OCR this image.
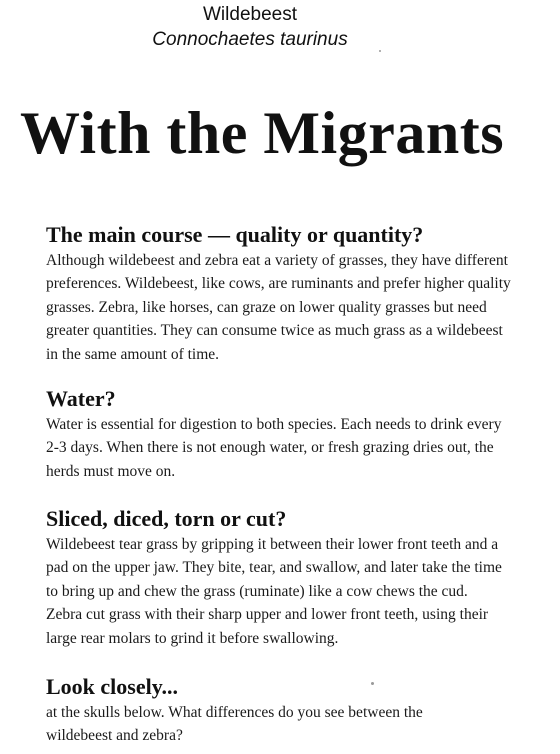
Wildebeest
Connochaetes taurinus
With the Migrants
The main course — quality or quantity?
Although wildebeest and zebra eat a variety of grasses, they have different
preferences. Wildebeest, like cows, are ruminants and prefer higher quality
grasses. Zebra, like horses, can graze on lower quality grasses but need
greater quantities. They can consume twice as much grass as a wildebeest
in the same amount of time.
Water?
Water is essential for digestion to both species. Each needs to drink every
2-3 days. When there is not enough water, or fresh grazing dries out, the
herds must move on.
Sliced, diced, torn or cut?
Wildebeest tear grass by gripping it between their lower front teeth and a
pad on the upper jaw. They bite, tear, and swallow, and later take the time
to bring up and chew the grass (ruminate) like a cow chews the cud.
Zebra cut grass with their sharp upper and lower front teeth, using their
large rear molars to grind it before swallowing.
Look closely...
at the skulls below. What differences do you see between the
wildebeest and zebra?
